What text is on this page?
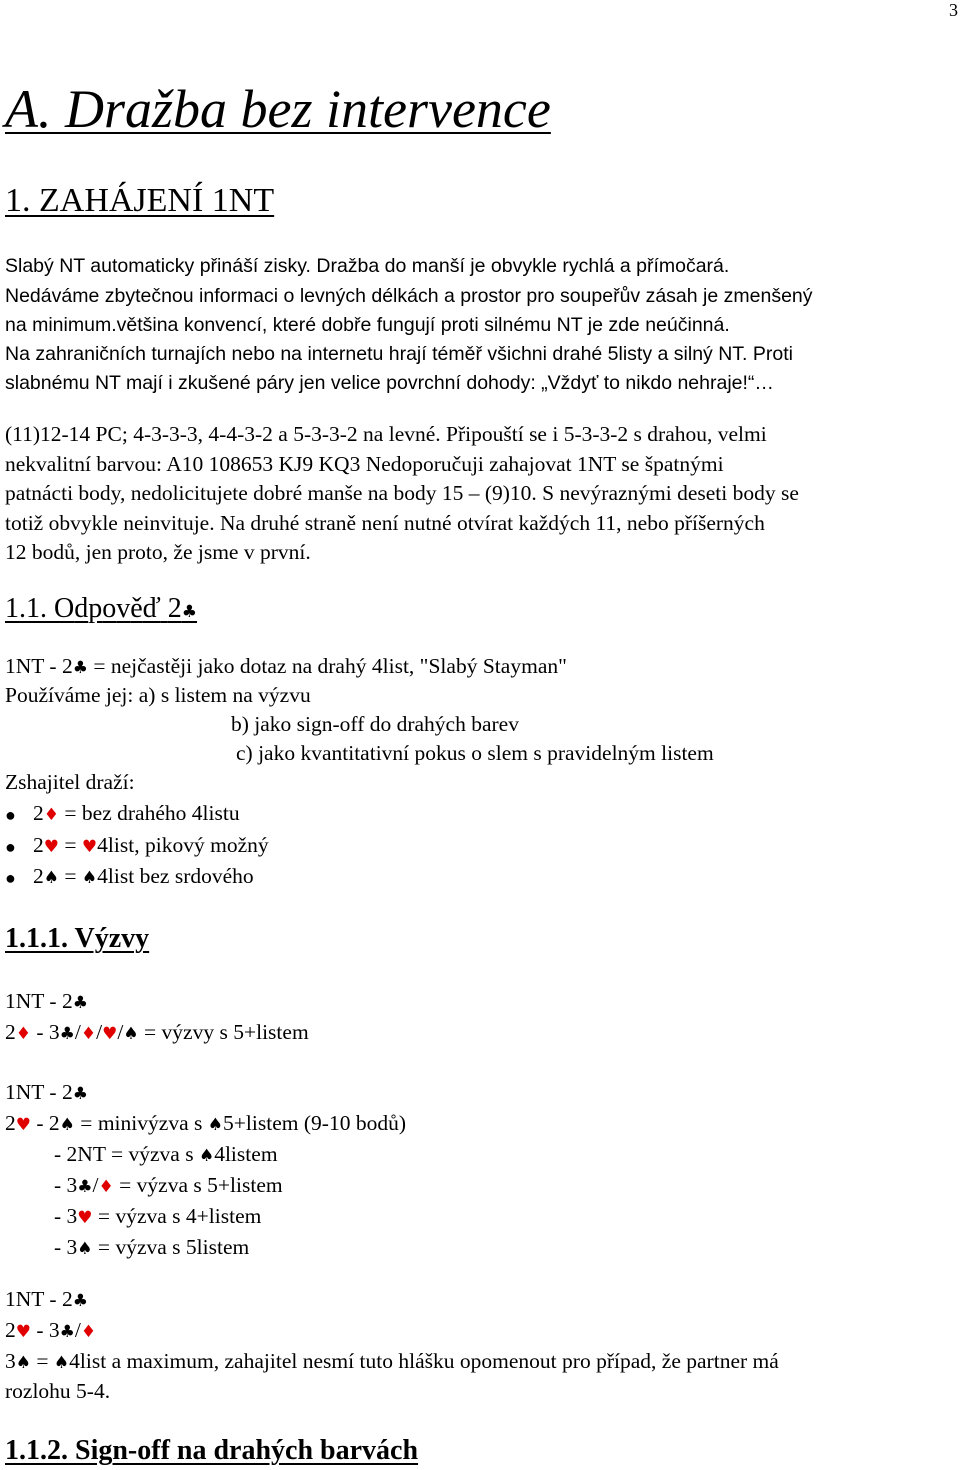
3
A. Dražba bez intervence
1. ZAHÁJENÍ 1NT
Slabý NT automaticky přináší zisky. Dražba do manší je obvykle rychlá a přímočará.
Nedáváme zbytečnou informaci o levných délkách a prostor pro soupeřův zásah je zmenšený
na minimum.většina konvencí, které dobře fungují proti silnému NT je zde neúčinná.
Na zahraničních turnajích nebo na internetu hrají téměř všichni drahé 5listy a silný NT. Proti
slabnému NT mají i zkušené páry jen velice povrchní dohody: „Vždyť to nikdo nehraje!“…
(11)12-14 PC; 4-3-3-3, 4-4-3-2 a 5-3-3-2 na levné. Připouští se i 5-3-3-2 s drahou, velmi
nekvalitní barvou: A10 108653 KJ9 KQ3 Nedoporučuji zahajovat 1NT se špatnými
patnácti body, nedolicitujete dobré manše na body 15 – (9)10. S nevýraznými deseti body se
totiž obvykle neinvituje. Na druhé straně není nutné otvírat každých 11, nebo příšerných
12 bodů, jen proto, že jsme v první.
1.1. Odpověď 2♣
1NT - 2♣ = nejčastěji jako dotaz na drahý 4list, "Slabý Stayman"
Používáme jej: a) s listem na výzvu
b) jako sign-off do drahých barev
c) jako kvantitativní pokus o slem s pravidelným listem
Zshajitel draží:
● 2♦ = bez drahého 4listu
● 2♥ = ♥4list, pikový možný
● 2♠ = ♠4list bez srdového
1.1.1. Výzvy
1NT - 2♣
2♦ - 3♣/♦/♥/♠ = výzvy s 5+listem
1NT - 2♣
2♥ - 2♠ = minivýzva s ♠5+listem (9-10 bodů)
- 2NT = výzva s ♠4listem
- 3♣/♦ = výzva s 5+listem
- 3♥ = výzva s 4+listem
- 3♠ = výzva s 5listem
1NT - 2♣
2♥ - 3♣/♦
3♠ = ♠4list a maximum, zahajitel nesmí tuto hlášku opomenout pro případ, že partner má
rozlohu 5-4.
1.1.2. Sign-off na drahých barvách
